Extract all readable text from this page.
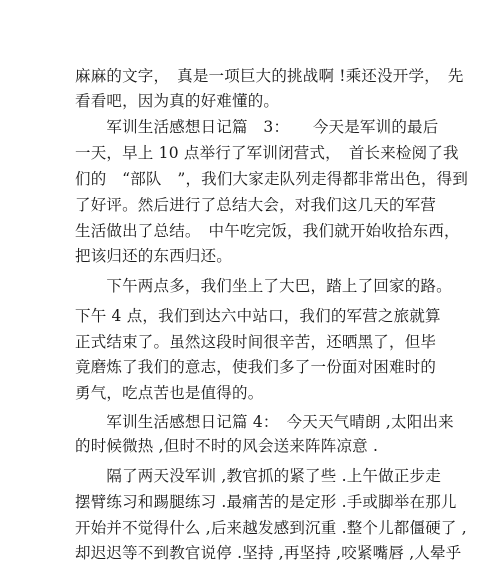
麻麻的文字，　真是一项巨大的挑战啊 !乘还没开学，　先
看看吧，因为真的好难懂的。
　　军训生活感想日记篇　3：　　今天是军训的最后
一天，早上 10 点举行了军训闭营式，　首长来检阅了我
们的　“部队　”，我们大家走队列走得都非常出色，得到
了好评。然后进行了总结大会，对我们这几天的军营
生活做出了总结。　中午吃完饭，我们就开始收拾东西，
把该归还的东西归还。
　　下午两点多，我们坐上了大巴，踏上了回家的路。
下午 4 点，我们到达六中站口，我们的军营之旅就算
正式结束了。虽然这段时间很辛苦，还晒黑了，但毕
竟磨炼了我们的意志，使我们多了一份面对困难时的
勇气，吃点苦也是值得的。
　　军训生活感想日记篇 4：　今天天气晴朗 ,太阳出来
的时候微热 ,但时不时的风会送来阵阵凉意 .
　　隔了两天没军训 ,教官抓的紧了些 .上午做正步走
摆臂练习和踢腿练习 .最痛苦的是定形 .手或脚举在那儿
开始并不觉得什么 ,后来越发感到沉重 .整个儿都僵硬了 ,
却迟迟等不到教官说停 .坚持 ,再坚持 ,咬紧嘴唇 ,人晕乎
